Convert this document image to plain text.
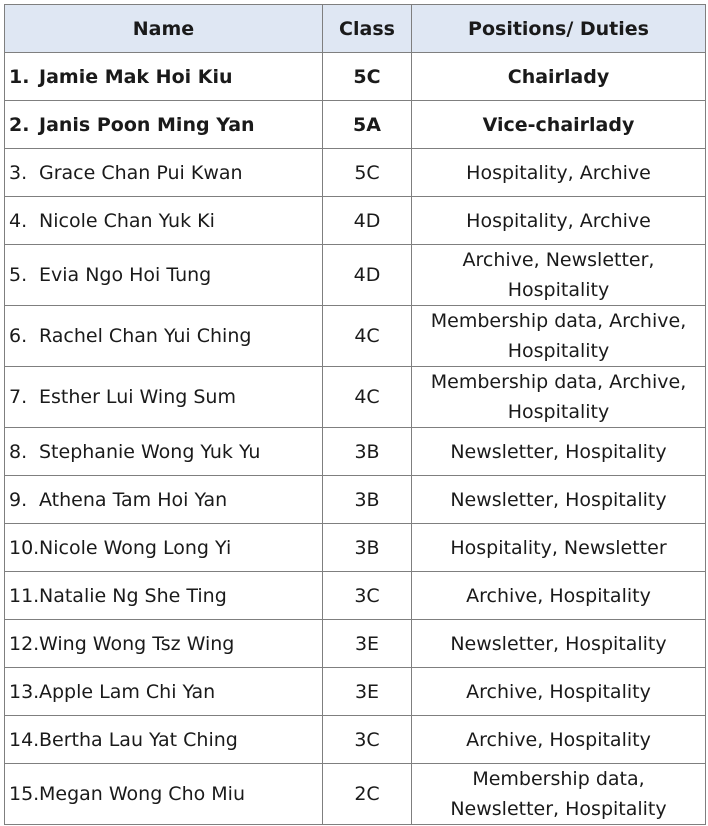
Name	Class	Positions/ Duties
1. Jamie Mak Hoi Kiu	5C	Chairlady
2. Janis Poon Ming Yan	5A	Vice-chairlady
3. Grace Chan Pui Kwan	5C	Hospitality, Archive
4. Nicole Chan Yuk Ki	4D	Hospitality, Archive
5. Evia Ngo Hoi Tung	4D	Archive, Newsletter,
Hospitality
6. Rachel Chan Yui Ching	4C	Membership data, Archive,
Hospitality
7. Esther Lui Wing Sum	4C	Membership data, Archive,
Hospitality
8. Stephanie Wong Yuk Yu	3B	Newsletter, Hospitality
9. Athena Tam Hoi Yan	3B	Newsletter, Hospitality
10.Nicole Wong Long Yi	3B	Hospitality, Newsletter
11.Natalie Ng She Ting	3C	Archive, Hospitality
12.Wing Wong Tsz Wing	3E	Newsletter, Hospitality
13.Apple Lam Chi Yan	3E	Archive, Hospitality
14.Bertha Lau Yat Ching	3C	Archive, Hospitality
15.Megan Wong Cho Miu	2C	Membership data,
Newsletter, Hospitality
